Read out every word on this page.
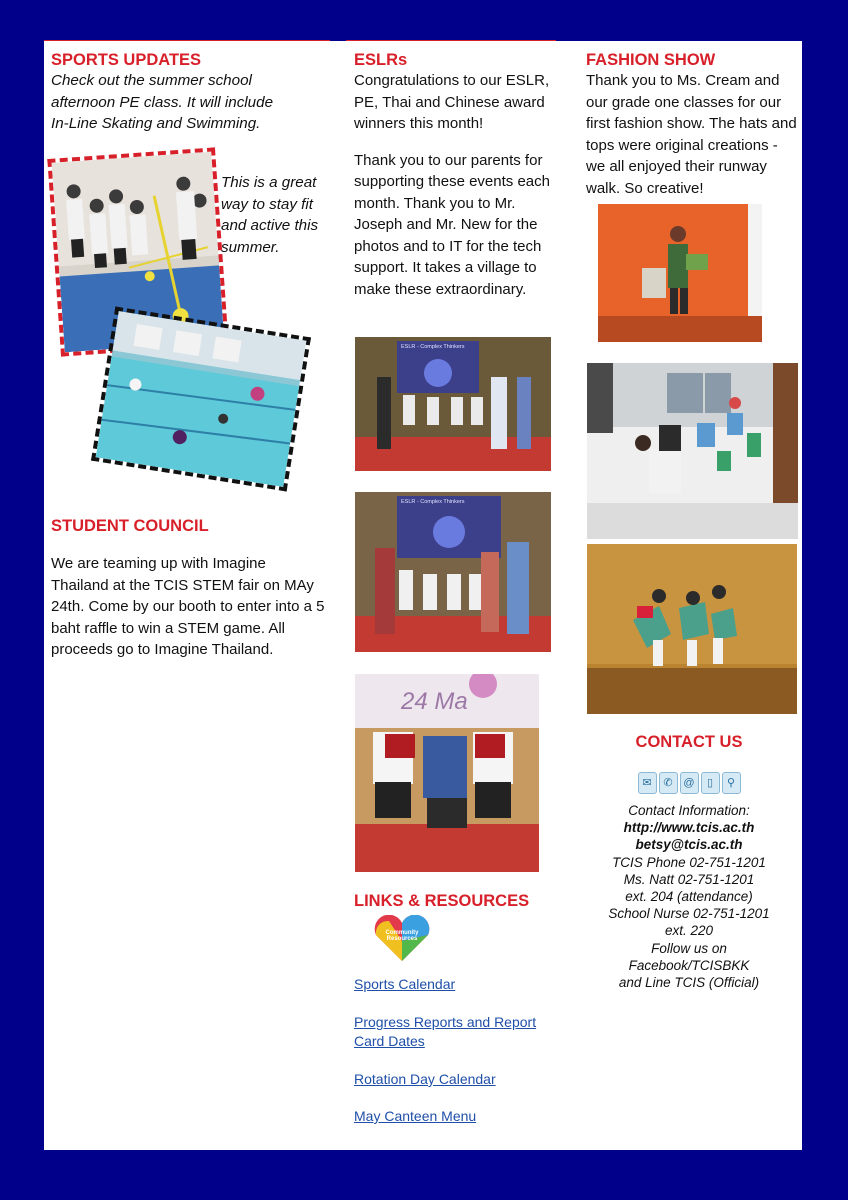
SPORTS UPDATES

Check out the summer school afternoon PE class. It will include In-Line Skating and Swimming.

This is a great way to stay fit and active this summer.

STUDENT COUNCIL

We are teaming up with Imagine Thailand at the TCIS STEM fair on MAy 24th. Come by our booth to enter into a 5 baht raffle to win a STEM game. All proceeds go to Imagine Thailand.

ESLRs

Congratulations to our ESLR, PE, Thai and Chinese award winners this month!

Thank you to our parents for supporting these events each month. Thank you to Mr. Joseph and Mr. New for the photos and to IT for the tech support. It takes a village to make these extraordinary.

ESLR - Complex Thinkers
ESLR - Complex Thinkers
24 Ma
LINKS & RESOURCES
Community Resources
Sports Calendar
Progress Reports and Report Card Dates
Rotation Day Calendar
May Canteen Menu
FASHION SHOW

Thank you to Ms. Cream and our grade one classes for our first fashion show. The hats and tops were original creations - we all enjoyed their runway walk. So creative!

CONTACT US
✉	✆ @	▯	⚲
Contact Information:
http://www.tcis.ac.th
betsy@tcis.ac.th
TCIS Phone 02-751-1201
Ms. Natt 02-751-1201
ext. 204 (attendance)
School Nurse 02-751-1201
ext. 220
Follow us on Facebook/TCISBKK
and Line TCIS (Official)
